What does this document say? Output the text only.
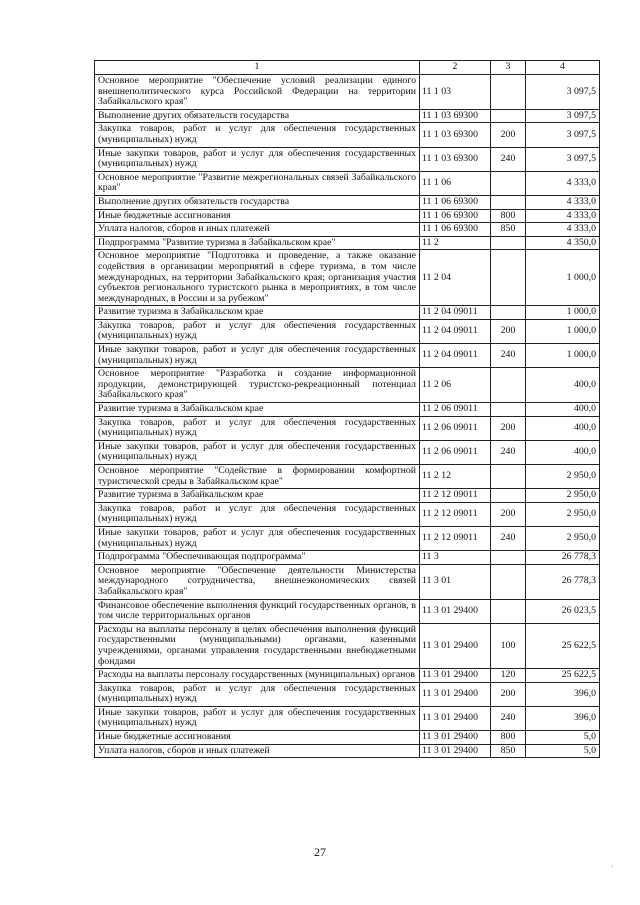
1	2	3	4
Основное мероприятие "Обеспечение условий реализации единого внешнеполитического курса Российской Федерации на территории Забайкальского края"	11 1 03		3 097,5
Выполнение других обязательств государства	11 1 03 69300		3 097,5
Закупка товаров, работ и услуг для обеспечения государственных (муниципальных) нужд	11 1 03 69300	200	3 097,5
Иные закупки товаров, работ и услуг для обеспечения государственных (муниципальных) нужд	11 1 03 69300	240	3 097,5
Основное мероприятие "Развитие межрегиональных связей Забайкальского края"	11 1 06		4 333,0
Выполнение других обязательств государства	11 1 06 69300		4 333,0
Иные бюджетные ассигнования	11 1 06 69300	800	4 333,0
Уплата налогов, сборов и иных платежей	11 1 06 69300	850	4 333,0
Подпрограмма "Развитие туризма в Забайкальском крае"	11 2		4 350,0
Основное мероприятие "Подготовка и проведение, а также оказание содействия в организации мероприятий в сфере туризма, в том числе международных, на территории Забайкальского края; организация участия субъектов регионального туристского рынка в мероприятиях, в том числе международных, в России и за рубежом"	11 2 04		1 000,0
Развитие туризма в Забайкальском крае	11 2 04 09011		1 000,0
Закупка товаров, работ и услуг для обеспечения государственных (муниципальных) нужд	11 2 04 09011	200	1 000,0
Иные закупки товаров, работ и услуг для обеспечения государственных (муниципальных) нужд	11 2 04 09011	240	1 000,0
Основное мероприятие "Разработка и создание информационной продукции, демонстрирующей туристско-рекреационный потенциал Забайкальского края"	11 2 06		400,0
Развитие туризма в Забайкальском крае	11 2 06 09011		400,0
Закупка товаров, работ и услуг для обеспечения государственных (муниципальных) нужд	11 2 06 09011	200	400,0
Иные закупки товаров, работ и услуг для обеспечения государственных (муниципальных) нужд	11 2 06 09011	240	400,0
Основное мероприятие "Содействие в формировании комфортной туристической среды в Забайкальском крае"	11 2 12		2 950,0
Развитие туризма в Забайкальском крае	11 2 12 09011		2 950,0
Закупка товаров, работ и услуг для обеспечения государственных (муниципальных) нужд	11 2 12 09011	200	2 950,0
Иные закупки товаров, работ и услуг для обеспечения государственных (муниципальных) нужд	11 2 12 09011	240	2 950,0
Подпрограмма "Обеспечивающая подпрограмма"	11 3		26 778,3
Основное мероприятие "Обеспечение деятельности Министерства международного сотрудничества, внешнеэкономических связей Забайкальского края"	11 3 01		26 778,3
Финансовое обеспечение выполнения функций государственных органов, в том числе территориальных органов	11 3 01 29400		26 023,5
Расходы на выплаты персоналу в целях обеспечения выполнения функций государственными (муниципальными) органами, казенными учреждениями, органами управления государственными внебюджетными фондами	11 3 01 29400	100	25 622,5
Расходы на выплаты персоналу государственных (муниципальных) органов	11 3 01 29400	120	25 622,5
Закупка товаров, работ и услуг для обеспечения государственных (муниципальных) нужд	11 3 01 29400	200	396,0
Иные закупки товаров, работ и услуг для обеспечения государственных (муниципальных) нужд	11 3 01 29400	240	396,0
Иные бюджетные ассигнования	11 3 01 29400	800	5,0
Уплата налогов, сборов и иных платежей	11 3 01 29400	850	5,0
27
·
